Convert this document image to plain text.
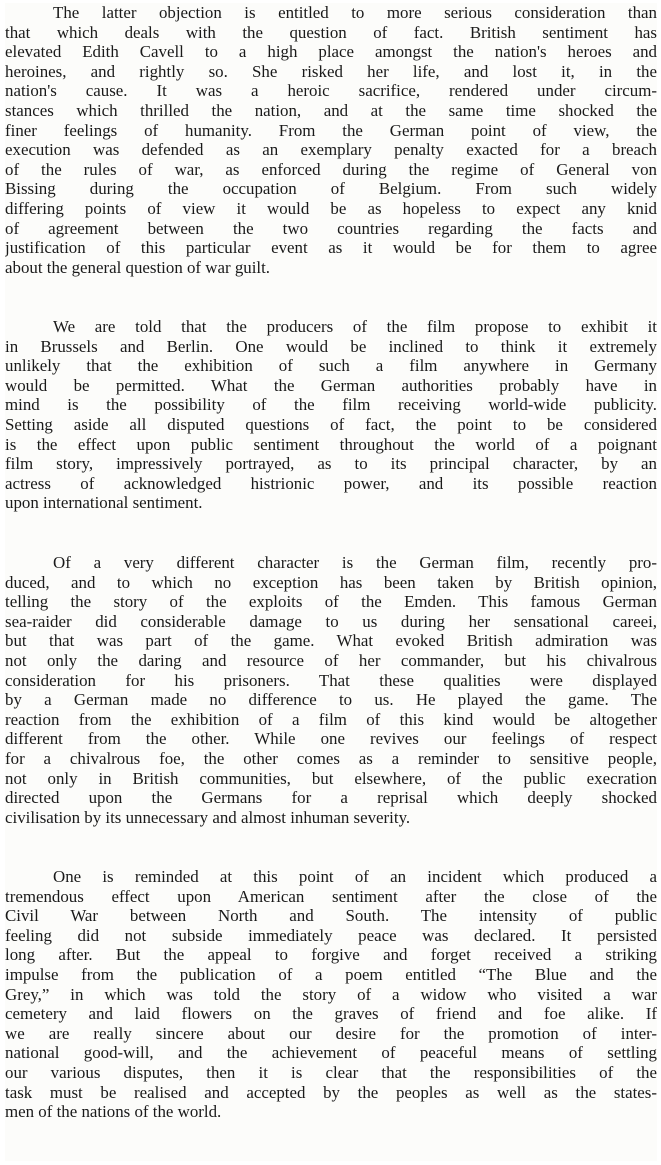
The latter objection is entitled to more serious consideration than
that which deals with the question of fact. British sentiment has
elevated Edith Cavell to a high place amongst the nation's heroes and
heroines, and rightly so. She risked her life, and lost it, in the
nation's cause. It was a heroic sacrifice, rendered under circum-
stances which thrilled the nation, and at the same time shocked the
finer feelings of humanity. From the German point of view, the
execution was defended as an exemplary penalty exacted for a breach
of the rules of war, as enforced during the regime of General von
Bissing during the occupation of Belgium. From such widely
differing points of view it would be as hopeless to expect any knid
of agreement between the two countries regarding the facts and
justification of this particular event as it would be for them to agree
about the general question of war guilt.
We are told that the producers of the film propose to exhibit it
in Brussels and Berlin. One would be inclined to think it extremely
unlikely that the exhibition of such a film anywhere in Germany
would be permitted. What the German authorities probably have in
mind is the possibility of the film receiving world-wide publicity.
Setting aside all disputed questions of fact, the point to be considered
is the effect upon public sentiment throughout the world of a poignant
film story, impressively portrayed, as to its principal character, by an
actress of acknowledged histrionic power, and its possible reaction
upon international sentiment.
Of a very different character is the German film, recently pro-
duced, and to which no exception has been taken by British opinion,
telling the story of the exploits of the Emden. This famous German
sea-raider did considerable damage to us during her sensational careei,
but that was part of the game. What evoked British admiration was
not only the daring and resource of her commander, but his chivalrous
consideration for his prisoners. That these qualities were displayed
by a German made no difference to us. He played the game. The
reaction from the exhibition of a film of this kind would be altogether
different from the other. While one revives our feelings of respect
for a chivalrous foe, the other comes as a reminder to sensitive people,
not only in British communities, but elsewhere, of the public execration
directed upon the Germans for a reprisal which deeply shocked
civilisation by its unnecessary and almost inhuman severity.
One is reminded at this point of an incident which produced a
tremendous effect upon American sentiment after the close of the
Civil War between North and South. The intensity of public
feeling did not subside immediately peace was declared. It persisted
long after. But the appeal to forgive and forget received a striking
impulse from the publication of a poem entitled “The Blue and the
Grey,” in which was told the story of a widow who visited a war
cemetery and laid flowers on the graves of friend and foe alike. If
we are really sincere about our desire for the promotion of inter-
national good-will, and the achievement of peaceful means of settling
our various disputes, then it is clear that the responsibilities of the
task must be realised and accepted by the peoples as well as the states-
men of the nations of the world.
